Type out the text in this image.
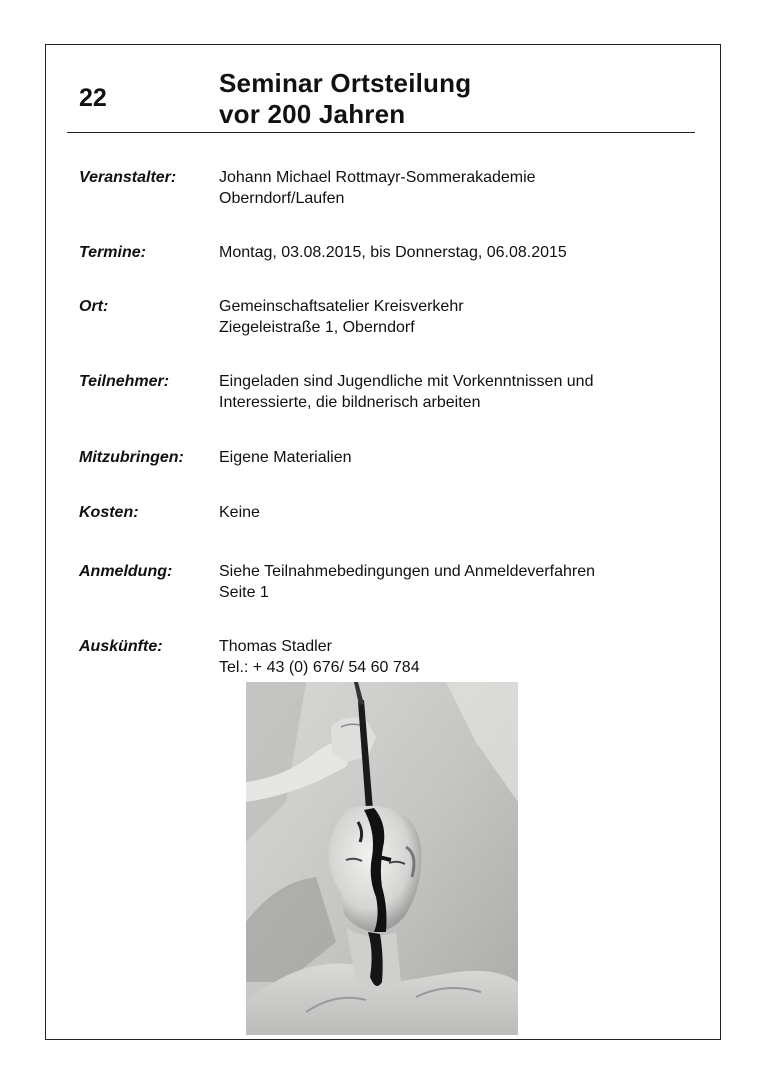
22	Seminar Ortsteilung
vor 200 Jahren
Veranstalter:	Johann Michael Rottmayr-Sommerakademie
Oberndorf/Laufen
Termine:	Montag, 03.08.2015, bis Donnerstag, 06.08.2015
Ort:	Gemeinschaftsatelier Kreisverkehr
Ziegeleistraße 1, Oberndorf
Teilnehmer:	Eingeladen sind Jugendliche mit Vorkenntnissen und
Interessierte, die bildnerisch arbeiten
Mitzubringen: Eigene Materialien
Kosten:	Keine
Anmeldung:	Siehe Teilnahmebedingungen und Anmeldeverfahren
Seite 1
Auskünfte:	Thomas Stadler
Tel.: + 43 (0) 676/ 54 60 784
